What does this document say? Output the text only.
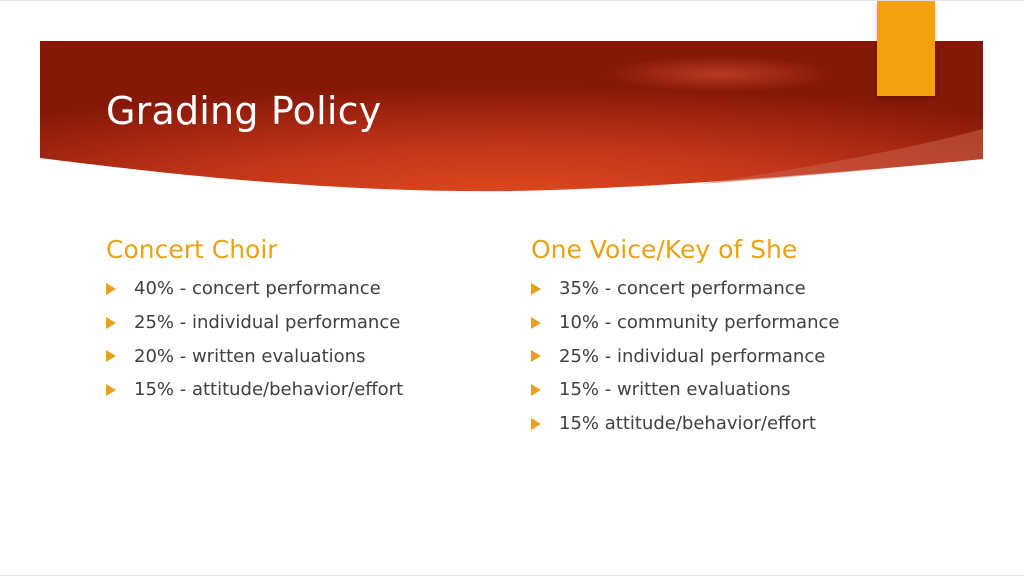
Grading Policy
Concert Choir
40% - concert performance
25% - individual performance
20% - written evaluations
15% - attitude/behavior/effort
One Voice/Key of She
35% - concert performance
10% - community performance
25% - individual performance
15% - written evaluations
15% attitude/behavior/effort
